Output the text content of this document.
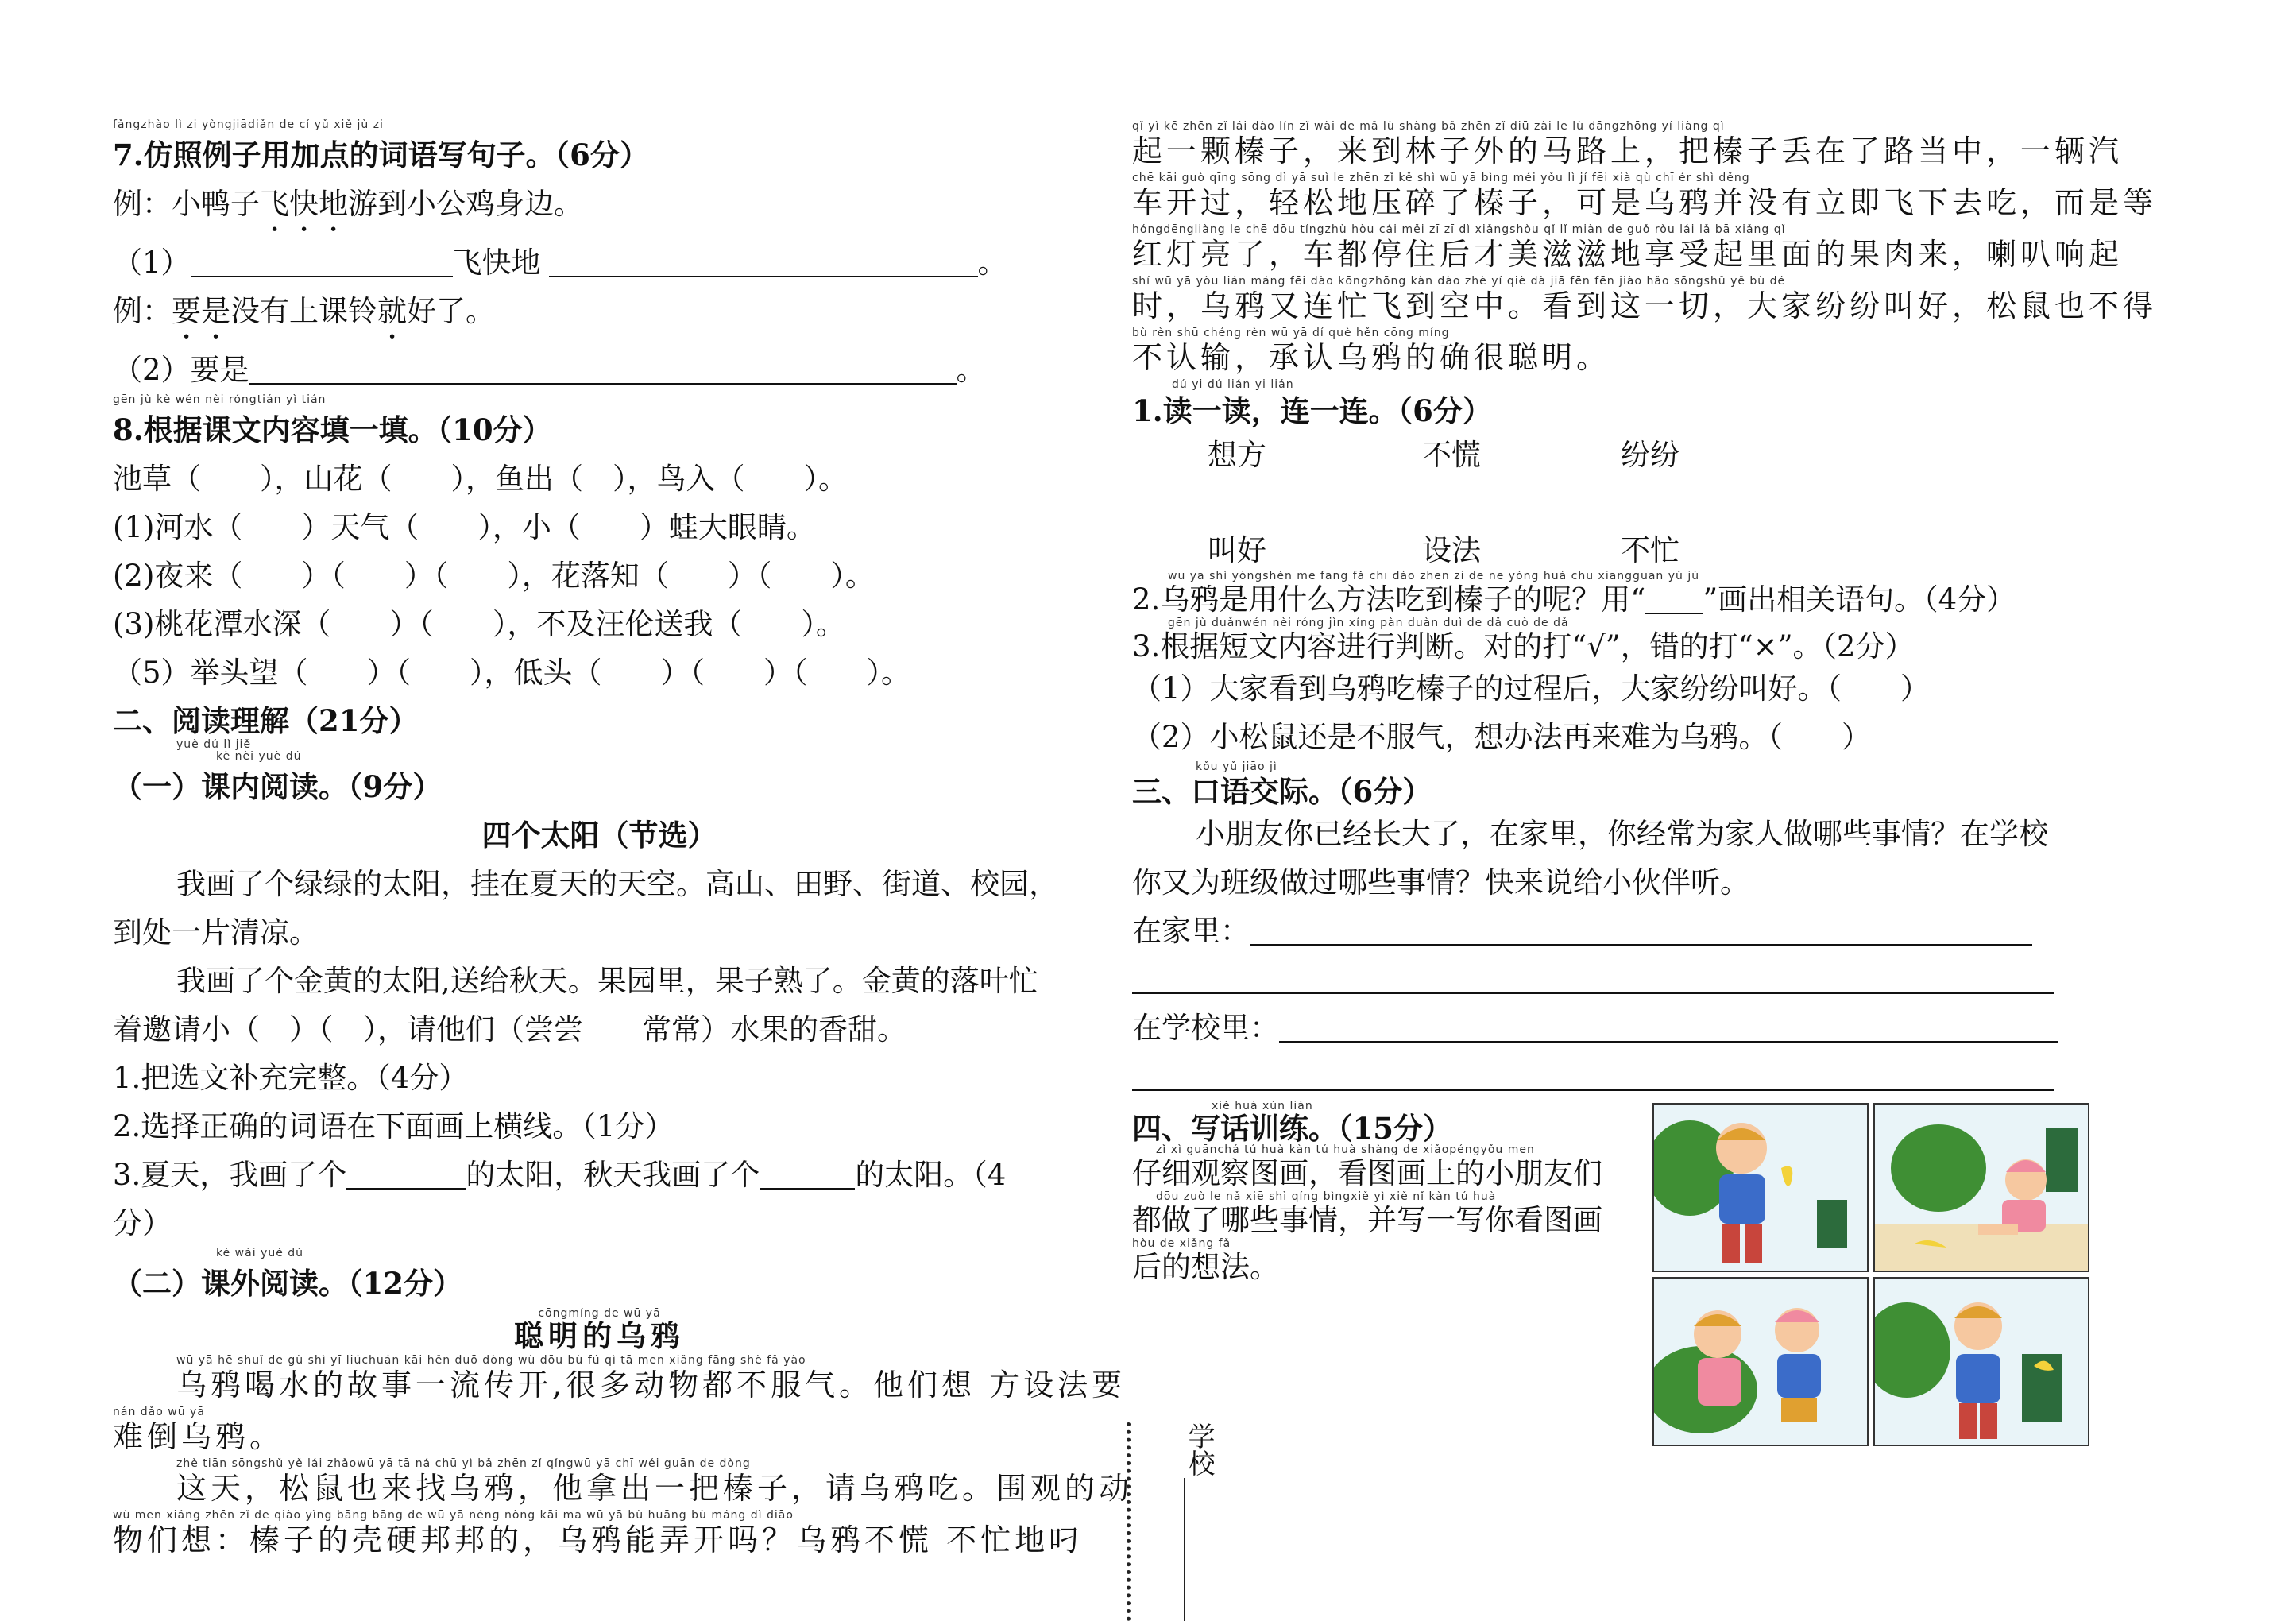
fǎngzhào lì zi yòngjiādiǎn de cí yǔ xiě jù zi
7.仿照例子用加点的词语写句子。（6分）
例：小鸭子飞快地游到小公鸡身边。
（1）	飞快地	。
例：要是没有上课铃就好了。
（2）要是	。
gēn jù kè wén nèi róngtián yì tián
8.根据课文内容填一填。（10分）
池草（　　），山花（　　），鱼出（　），鸟入（　　）。
(1)河水（　　）天气（　　），小（　　）蛙大眼睛。
(2)夜来（　　）（　　）（　　），花落知（　　）（　　）。
(3)桃花潭水深（　　）（　　），不及汪伦送我（　　）。
（5）举头望（　　）（　　），低头（　　）（　　）（　　）。
二、阅读理解（21分）
yuè dú lǐ jiě
kè nèi yuè dú
（一）课内阅读。（9分）
四个太阳（节选）
我画了个绿绿的太阳，挂在夏天的天空。高山、田野、街道、校园，
到处一片清凉。
我画了个金黄的太阳,送给秋天。果园里，果子熟了。金黄的落叶忙
着邀请小（　）（　），请他们（尝尝　　常常）水果的香甜。
1.把选文补充完整。（4分）
2.选择正确的词语在下面画上横线。（1分）
3.夏天，我画了个	的太阳，秋天我画了个	的太阳。（4
分）
kè wài yuè dú
（二）课外阅读。（12分）
cōngmíng de wū yā
聪明的乌鸦
wū yā hē shuǐ de gù shì yī liúchuán kāi hěn duō dòng wù dōu bù fú qì tā men xiǎng fāng shè fǎ yào
乌鸦喝水的故事一流传开,很多动物都不服气。他们想 方设法要
nán dǎo wū yā
难倒乌鸦。
zhè tiān sōngshǔ yě lái zhǎowū yā tā ná chū yì bǎ zhēn zǐ qǐngwū yā chī wéi guān de dòng
这天，松鼠也来找乌鸦，他拿出一把榛子，请乌鸦吃。围观的动
wù men xiǎng zhēn zǐ de qiào yìng bāng bāng de wū yā néng nòng kāi ma wū yā bù huāng bù máng dì diāo
物们想：榛子的壳硬邦邦的，乌鸦能弄开吗？乌鸦不慌 不忙地叼
qǐ yì kē zhēn zǐ lái dào lín zǐ wài de mǎ lù shàng bǎ zhēn zǐ diū zài le lù dāngzhōng yí liàng qì
起一颗榛子，来到林子外的马路上，把榛子丢在了路当中，一辆汽
chē kāi guò qīng sōng dì yā suì le zhēn zǐ kě shì wū yā bìng méi yǒu lì jí fēi xià qù chī ér shì děng
车开过，轻松地压碎了榛子，可是乌鸦并没有立即飞下去吃，而是等
hóngdēngliàng le chē dōu tíngzhù hòu cái měi zī zī dì xiǎngshòu qǐ lǐ miàn de guǒ ròu lái lǎ bā xiǎng qǐ
红灯亮了，车都停住后才美滋滋地享受起里面的果肉来，喇叭响起
shí wū yā yòu lián máng fēi dào kōngzhōng kàn dào zhè yí qiè dà jiā fēn fēn jiào hǎo sōngshǔ yě bù dé
时，乌鸦又连忙飞到空中。看到这一切，大家纷纷叫好，松鼠也不得
bù rèn shū chéng rèn wū yā dí què hěn cōng míng
不认输，承认乌鸦的确很聪明。
dú yi dú lián yi lián
1.读一读，连一连。（6分）
想方	不慌	纷纷
叫好	设法	不忙
wū yā shì yòngshén me fāng fǎ chī dào zhēn zi de ne yòng huà chū xiāngguān yǔ jù
2.乌鸦是用什么方法吃到榛子的呢？用“ ”画出相关语句。（4分）
gēn jù duǎnwén nèi róng jìn xíng pàn duàn duì de dǎ cuò de dǎ
3.根据短文内容进行判断。对的打“√”，错的打“×”。（2分）
（1）大家看到乌鸦吃榛子的过程后，大家纷纷叫好。（　　）
（2）小松鼠还是不服气，想办法再来难为乌鸦。（　　）
kǒu yǔ jiāo jì
三、口语交际。（6分）
小朋友你已经长大了，在家里，你经常为家人做哪些事情？在学校
你又为班级做过哪些事情？快来说给小伙伴听。
在家里：
在学校里：
xiě huà xùn liàn
四、写话训练。（15分）
zǐ xì guānchá tú huà kàn tú huà shàng de xiǎopéngyǒu men
仔细观察图画，看图画上的小朋友们
dōu zuò le nǎ xiē shì qíng bìngxiě yì xiě nǐ kàn tú huà
都做了哪些事情，并写一写你看图画
hòu de xiǎng fǎ
后的想法。
学校
